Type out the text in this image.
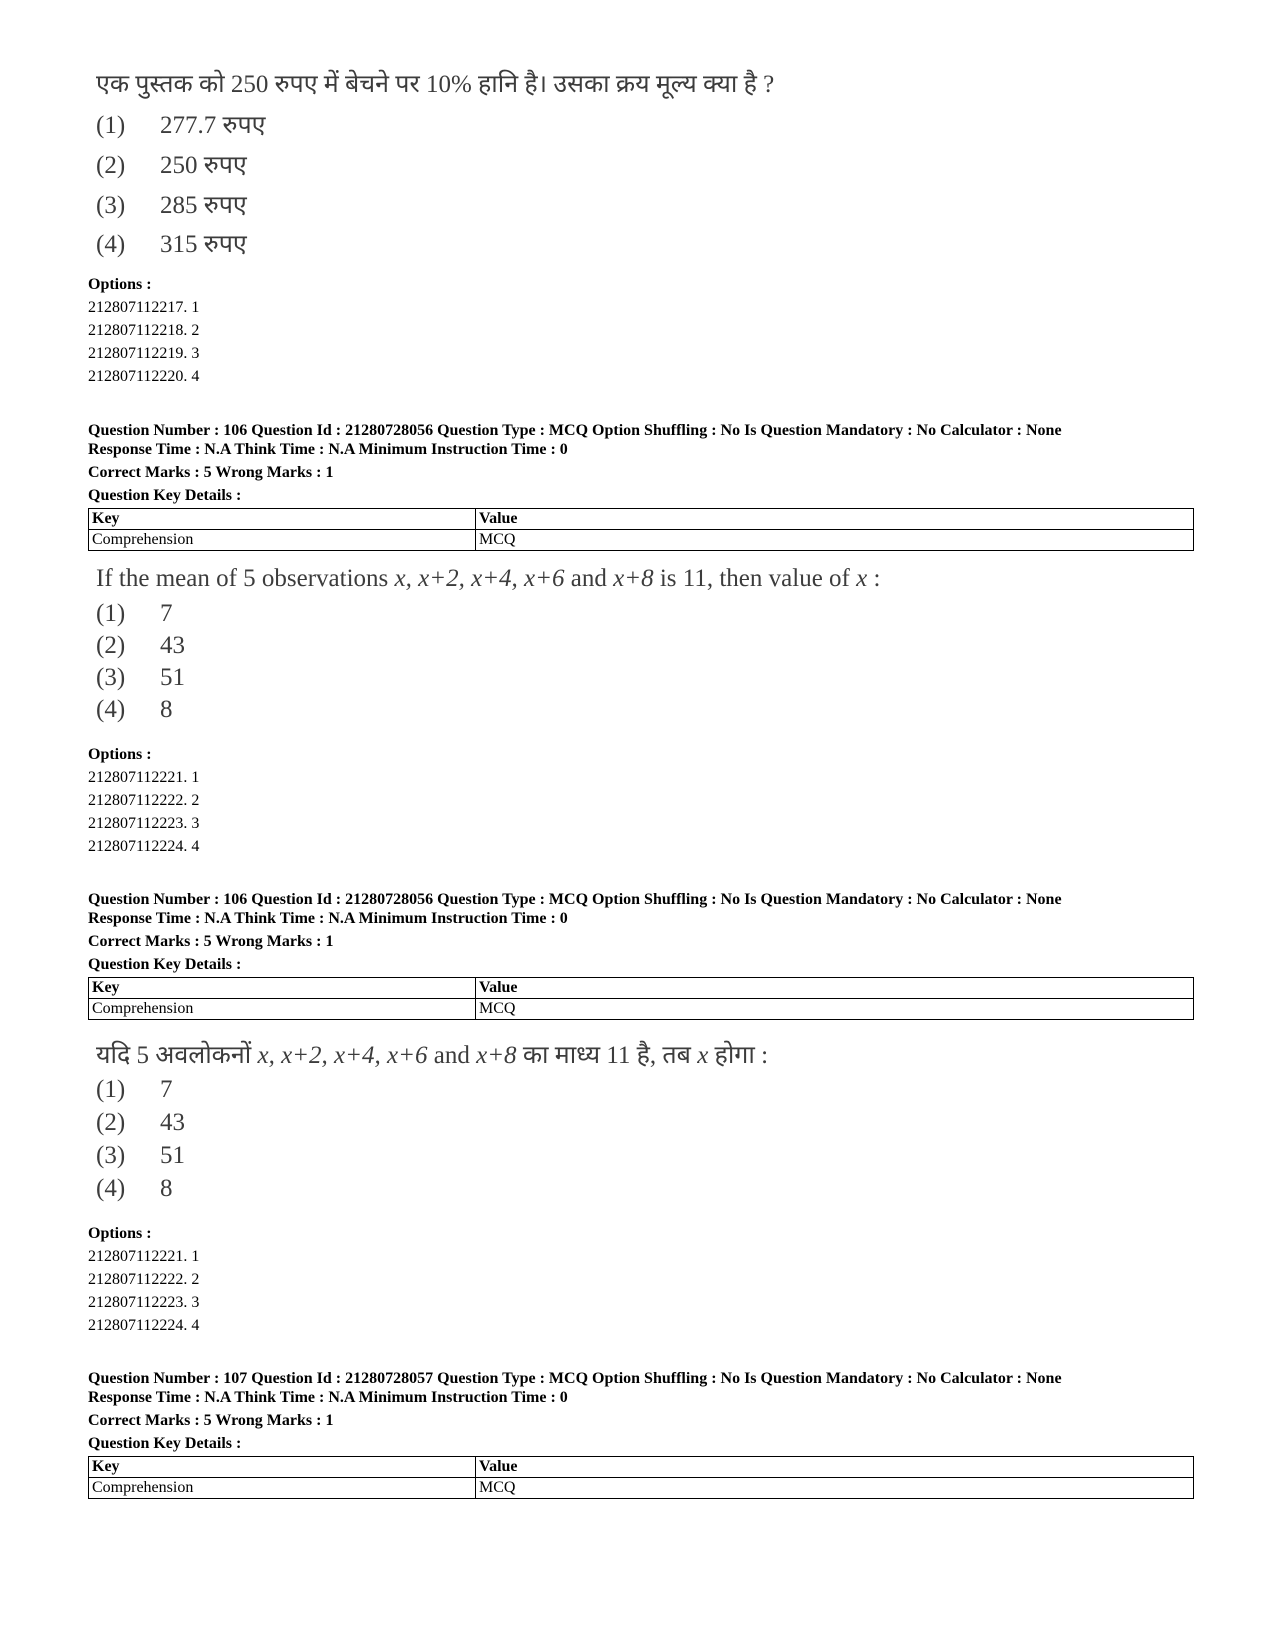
एक पुस्तक को 250 रुपए में बेचने पर 10% हानि है। उसका क्रय मूल्य क्या है ?
(1) 277.7 रुपए
(2) 250 रुपए
(3) 285 रुपए
(4) 315 रुपए
Options :
212807112217. 1
212807112218. 2
212807112219. 3
212807112220. 4
Question Number : 106 Question Id : 21280728056 Question Type : MCQ Option Shuffling : No Is Question Mandatory : No Calculator : None
Response Time : N.A Think Time : N.A Minimum Instruction Time : 0
Correct Marks : 5 Wrong Marks : 1
Question Key Details :
Key	Value
Comprehension	MCQ
If the mean of 5 observations x, x+2, x+4, x+6 and x+8 is 11, then value of x :
(1) 7
(2) 43
(3) 51
(4) 8
Options :
212807112221. 1
212807112222. 2
212807112223. 3
212807112224. 4
Question Number : 106 Question Id : 21280728056 Question Type : MCQ Option Shuffling : No Is Question Mandatory : No Calculator : None
Response Time : N.A Think Time : N.A Minimum Instruction Time : 0
Correct Marks : 5 Wrong Marks : 1
Question Key Details :
Key	Value
Comprehension	MCQ
यदि 5 अवलोकनों x, x+2, x+4, x+6 and x+8 का माध्य 11 है, तब x होगा :
(1) 7
(2) 43
(3) 51
(4) 8
Options :
212807112221. 1
212807112222. 2
212807112223. 3
212807112224. 4
Question Number : 107 Question Id : 21280728057 Question Type : MCQ Option Shuffling : No Is Question Mandatory : No Calculator : None
Response Time : N.A Think Time : N.A Minimum Instruction Time : 0
Correct Marks : 5 Wrong Marks : 1
Question Key Details :
Key	Value
Comprehension	MCQ
